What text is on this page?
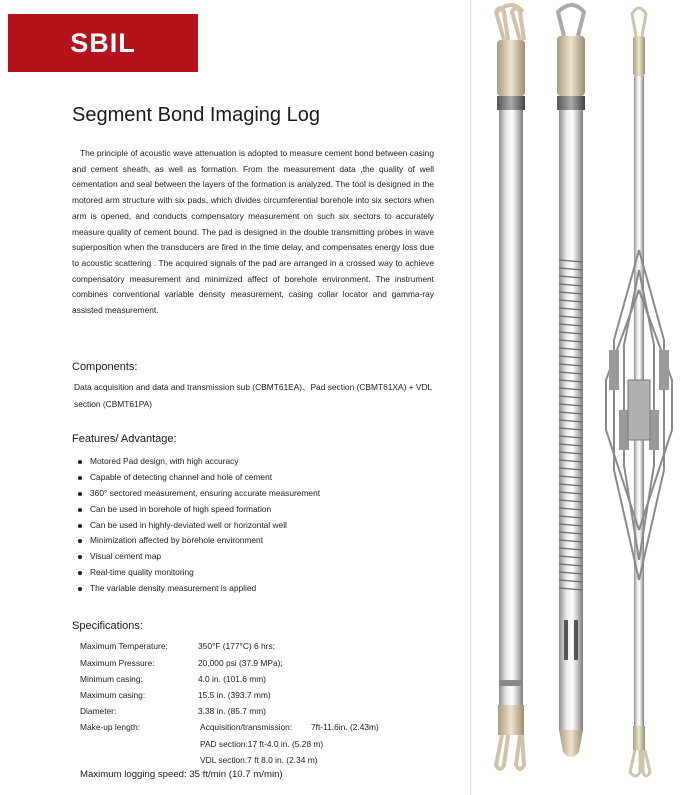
SBIL
Segment Bond Imaging Log

The principle of acoustic wave attenuation is adopted to measure cement bond between casing and cement sheath, as well as formation. From the measurement data ,the quality of well cementation and seal between the layers of the formation is analyzed. The tool is designed in the motored arm structure with six pads, which divides circumferential borehole into six sectors when arm is opened, and conducts compensatory measurement on such six sectors to accurately measure quality of cement bound. The pad is designed in the double transmitting probes in wave superposition when the transducers are fired in the time delay, and compensates energy loss due to acoustic scattering . The acquired signals of the pad are arranged in a crossed way to achieve compensatory measurement and minimized affect of borehole environment. The instrument combines conventional variable density measurement, casing collar locator and gamma-ray assisted measurement.

Components:

Data acquisition and data and transmission sub (CBMT61EA)、Pad section (CBMT61XA) + VDL section (CBMT61PA)

Features/ Advantage:
Motored Pad design, with high accuracy
Capable of detecting channel and hole of cement
360° sectored measurement, ensuring accurate measurement
Can be used in borehole of high speed formation
Can be used in highly-deviated well or horizontal well
Minimization affected by borehole environment
Visual cement map
Real-time quality monitoring
The variable density measurement is applied
Specifications:
Maximum Temperature:	350°F (177°C) 6 hrs;
Maximum Pressure:	20,000 psi (37.9 MPa);
Minimum casing:	4.0 in. (101.6 mm)
Maximum casing:	15.5 in. (393.7 mm)
Diameter:	3.38 in. (85.7 mm)
Make-up length:	Acquisition/transmission: 7ft-11.6in. (2.43m)
PAD section:17 ft-4.0 in. (5.28 m)
VDL section:7 ft 8.0 in. (2.34 m)
Maximum logging speed: 35 ft/min (10.7 m/min)
